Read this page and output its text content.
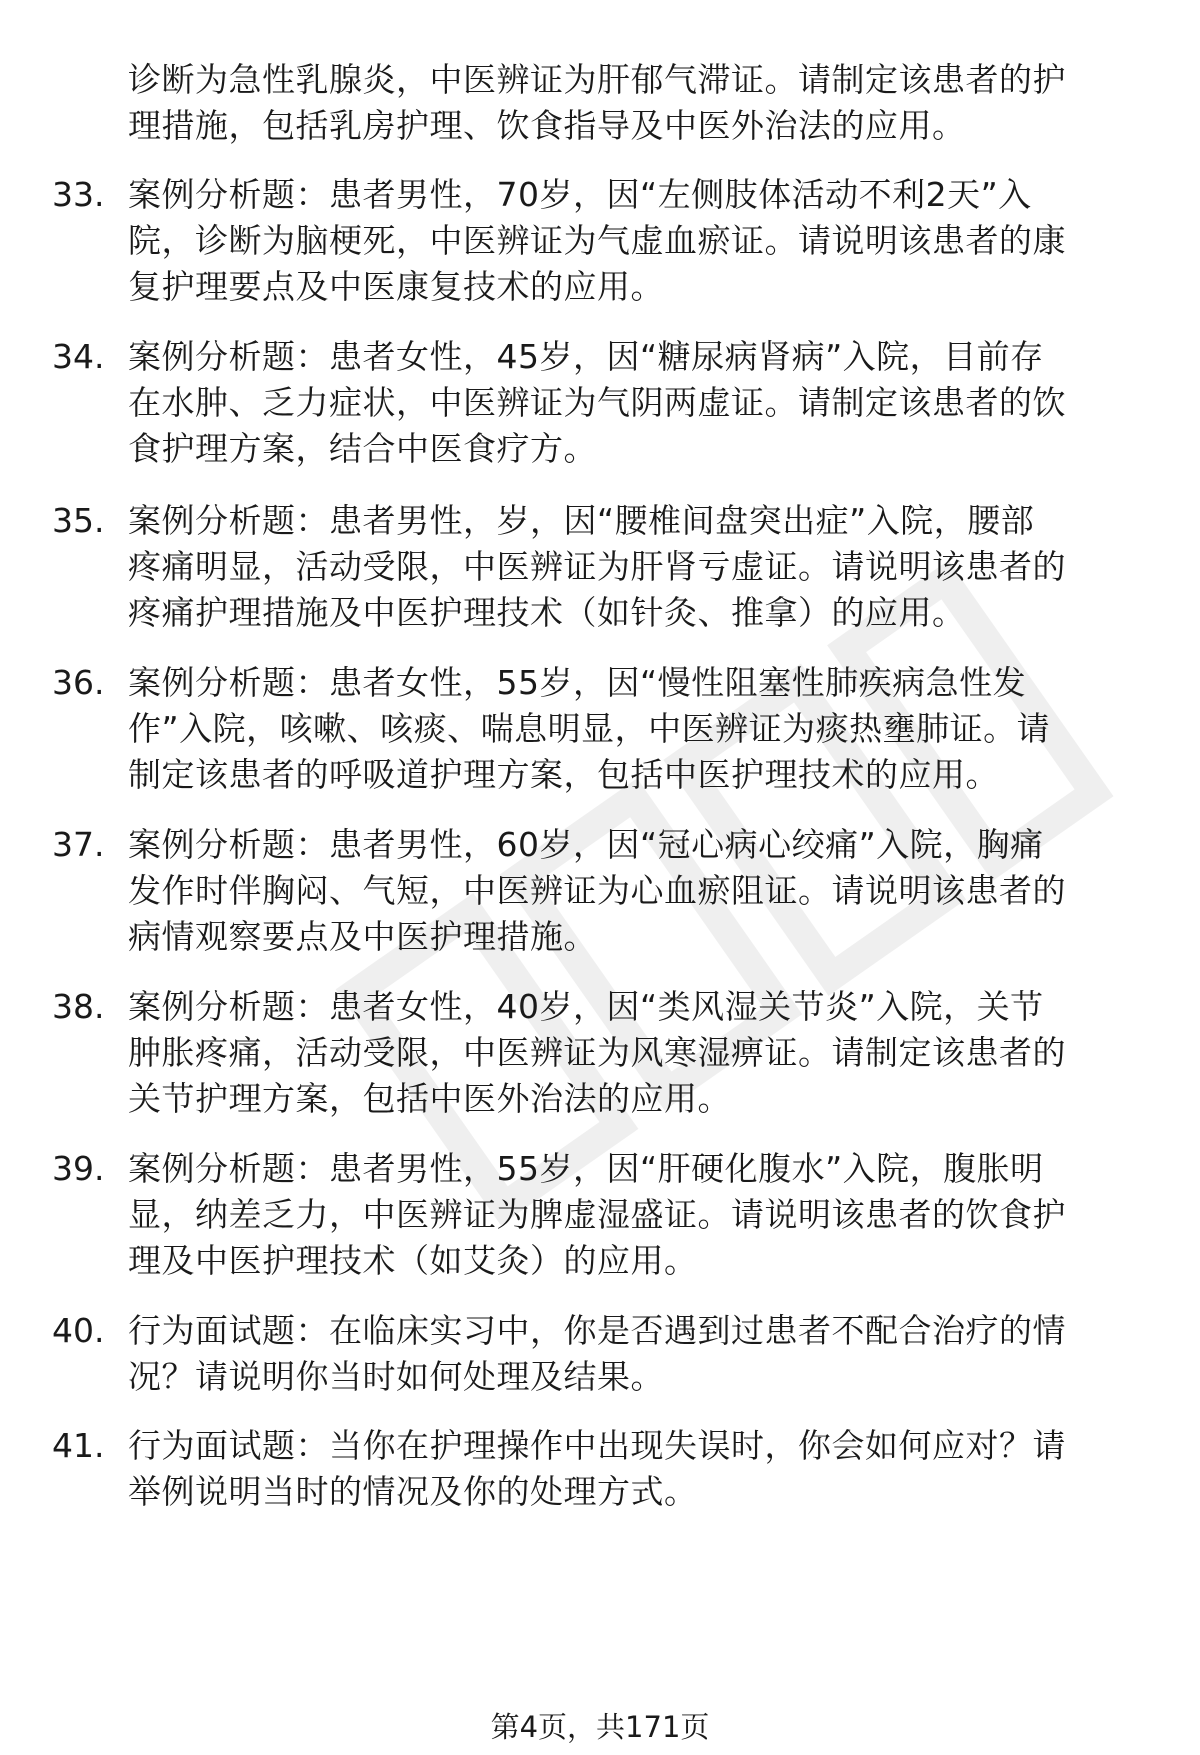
诊断为急性乳腺炎，中医辨证为肝郁气滞证。请制定该患者的护
理措施，包括乳房护理、饮食指导及中医外治法的应用。
33. 案例分析题：患者男性，70岁，因“左侧肢体活动不利2天”入
院，诊断为脑梗死，中医辨证为气虚血瘀证。请说明该患者的康
复护理要点及中医康复技术的应用。
34. 案例分析题：患者女性，45岁，因“糖尿病肾病”入院，目前存
在水肿、乏力症状，中医辨证为气阴两虚证。请制定该患者的饮
食护理方案，结合中医食疗方。
35. 案例分析题：患者男性，岁，因“腰椎间盘突出症”入院，腰部
疼痛明显，活动受限，中医辨证为肝肾亏虚证。请说明该患者的
疼痛护理措施及中医护理技术（如针灸、推拿）的应用。
36. 案例分析题：患者女性，55岁，因“慢性阻塞性肺疾病急性发
作”入院，咳嗽、咳痰、喘息明显，中医辨证为痰热壅肺证。请
制定该患者的呼吸道护理方案，包括中医护理技术的应用。
37. 案例分析题：患者男性，60岁，因“冠心病心绞痛”入院，胸痛
发作时伴胸闷、气短，中医辨证为心血瘀阻证。请说明该患者的
病情观察要点及中医护理措施。
38. 案例分析题：患者女性，40岁，因“类风湿关节炎”入院，关节
肿胀疼痛，活动受限，中医辨证为风寒湿痹证。请制定该患者的
关节护理方案，包括中医外治法的应用。
39. 案例分析题：患者男性，55岁，因“肝硬化腹水”入院，腹胀明
显，纳差乏力，中医辨证为脾虚湿盛证。请说明该患者的饮食护
理及中医护理技术（如艾灸）的应用。
40. 行为面试题：在临床实习中，你是否遇到过患者不配合治疗的情
况？请说明你当时如何处理及结果。
41. 行为面试题：当你在护理操作中出现失误时，你会如何应对？请
举例说明当时的情况及你的处理方式。
第4页，共171页
